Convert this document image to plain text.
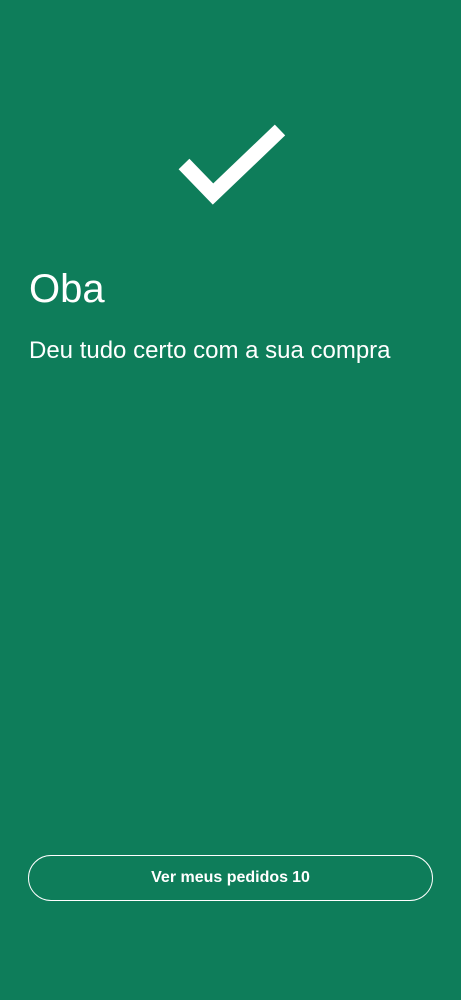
Oba

Deu tudo certo com a sua compra

Ver meus pedidos 10
